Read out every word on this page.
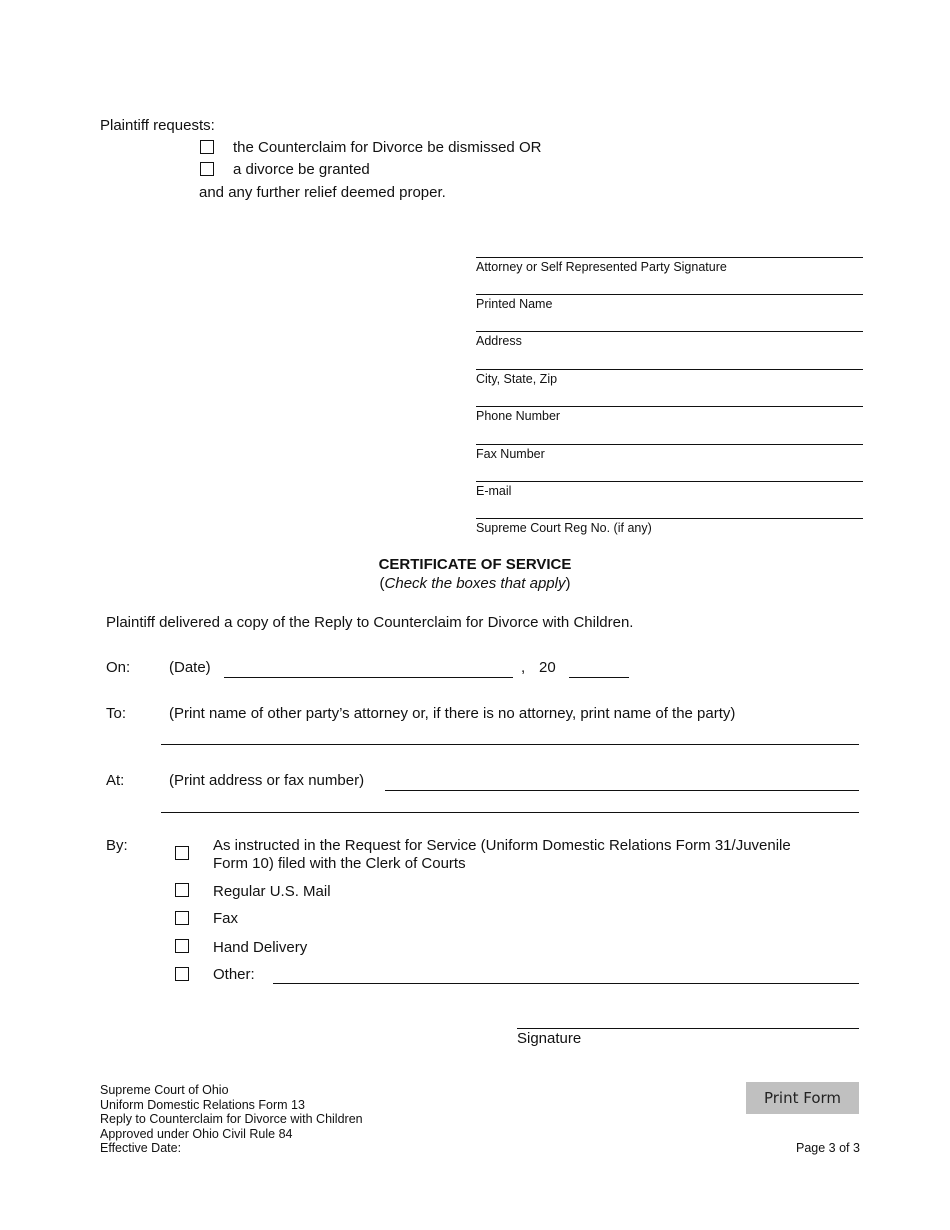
Plaintiff requests:
the Counterclaim for Divorce be dismissed OR
a divorce be granted
and any further relief deemed proper.
Attorney or Self Represented Party Signature
Printed Name
Address
City, State, Zip
Phone Number
Fax Number
E-mail
Supreme Court Reg No. (if any)
CERTIFICATE OF SERVICE
(Check the boxes that apply)
Plaintiff delivered a copy of the Reply to Counterclaim for Divorce with Children.
On:	(Date)	, 20
To:	(Print name of other party’s attorney or, if there is no attorney, print name of the party)
At:	(Print address or fax number)
By:	As instructed in the Request for Service (Uniform Domestic Relations Form 31/Juvenile
Form 10) filed with the Clerk of Courts
Regular U.S. Mail
Fax
Hand Delivery
Other:
Signature
Supreme Court of Ohio
Uniform Domestic Relations Form 13
Reply to Counterclaim for Divorce with Children
Approved under Ohio Civil Rule 84
Effective Date:
Print Form
Page 3 of 3
